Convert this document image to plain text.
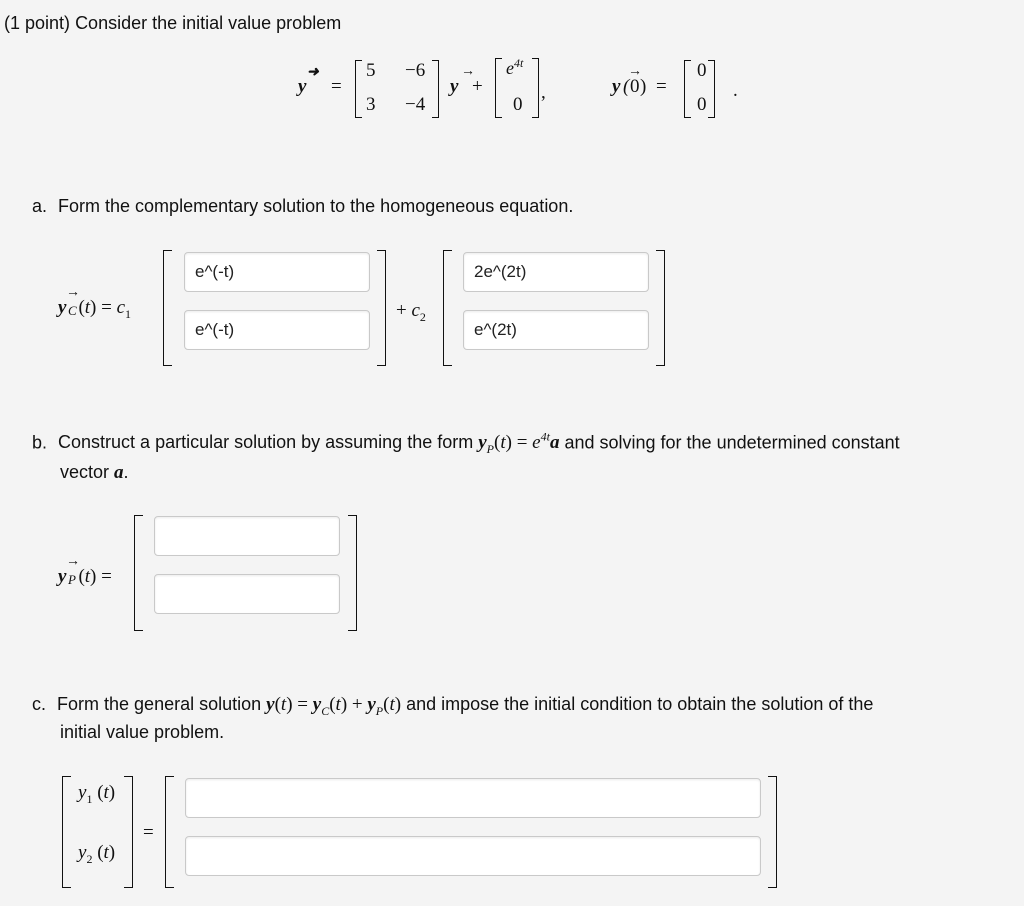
(1 point) Consider the initial value problem
y
➜
=
5 −6
3 −4
y
→
+
$e^{4t}$
0
,	y ( 0
→
) =
0
0
.
a. Form the complementary solution to the homogeneous equation.
y C
→
$(t) = c_1$
e^(-t)
e^(-t)
+ $c_2$
2e^(2t)
e^(2t)
b. Construct a particular solution by assuming the form $y_P(t) = e^{4t}a$ and solving for the undetermined constant
vector a.
y P
→
(t) =
c. Form the general solution $y(t) = y_C(t) + y_P(t)$ and impose the initial condition to obtain the solution of the
initial value problem.
$y_1$ (t)
$y_2$ (t)
=
